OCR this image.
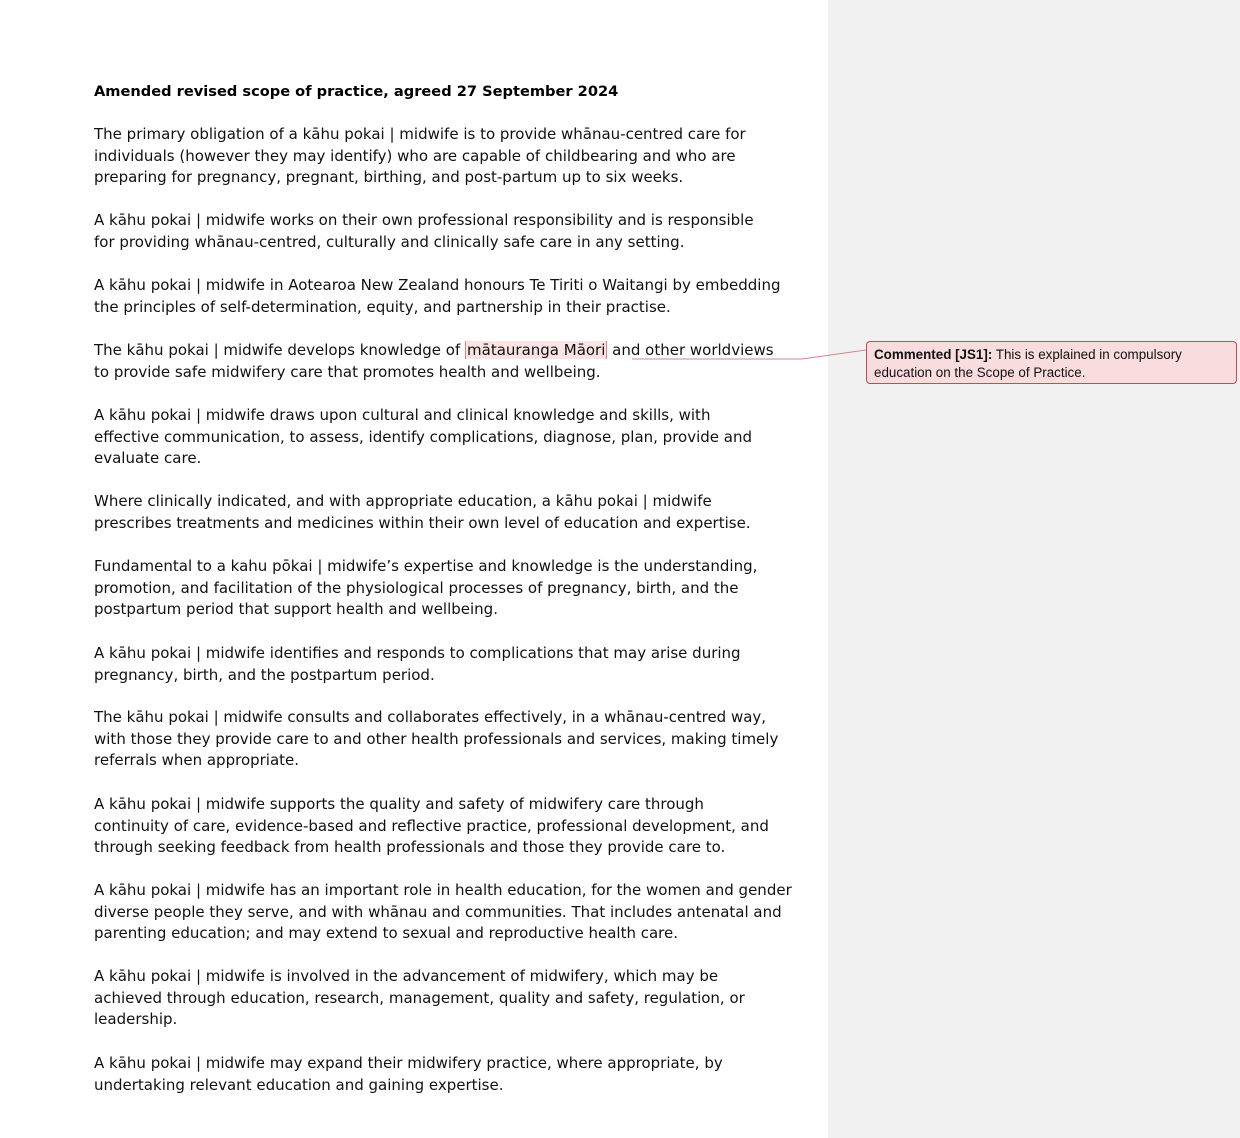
Amended revised scope of practice, agreed 27 September 2024

The primary obligation of a kāhu pokai | midwife is to provide whānau-centred care for
individuals (however they may identify) who are capable of childbearing and who are
preparing for pregnancy, pregnant, birthing, and post-partum up to six weeks.

A kāhu pokai | midwife works on their own professional responsibility and is responsible
for providing whānau-centred, culturally and clinically safe care in any setting.

A kāhu pokai | midwife in Aotearoa New Zealand honours Te Tiriti o Waitangi by embedding
the principles of self-determination, equity, and partnership in their practise.

The kāhu pokai | midwife develops knowledge of mātauranga Māori and other worldviews
to provide safe midwifery care that promotes health and wellbeing.

A kāhu pokai | midwife draws upon cultural and clinical knowledge and skills, with
effective communication, to assess, identify complications, diagnose, plan, provide and
evaluate care.

Where clinically indicated, and with appropriate education, a kāhu pokai | midwife
prescribes treatments and medicines within their own level of education and expertise.

Fundamental to a kahu pōkai | midwife’s expertise and knowledge is the understanding,
promotion, and facilitation of the physiological processes of pregnancy, birth, and the
postpartum period that support health and wellbeing.

A kāhu pokai | midwife identifies and responds to complications that may arise during
pregnancy, birth, and the postpartum period.

The kāhu pokai | midwife consults and collaborates effectively, in a whānau-centred way,
with those they provide care to and other health professionals and services, making timely
referrals when appropriate.

A kāhu pokai | midwife supports the quality and safety of midwifery care through
continuity of care, evidence-based and reflective practice, professional development, and
through seeking feedback from health professionals and those they provide care to.

A kāhu pokai | midwife has an important role in health education, for the women and gender
diverse people they serve, and with whānau and communities. That includes antenatal and
parenting education; and may extend to sexual and reproductive health care.

A kāhu pokai | midwife is involved in the advancement of midwifery, which may be
achieved through education, research, management, quality and safety, regulation, or
leadership.

A kāhu pokai | midwife may expand their midwifery practice, where appropriate, by
undertaking relevant education and gaining expertise.

Commented [JS1]: This is explained in compulsory
education on the Scope of Practice.
